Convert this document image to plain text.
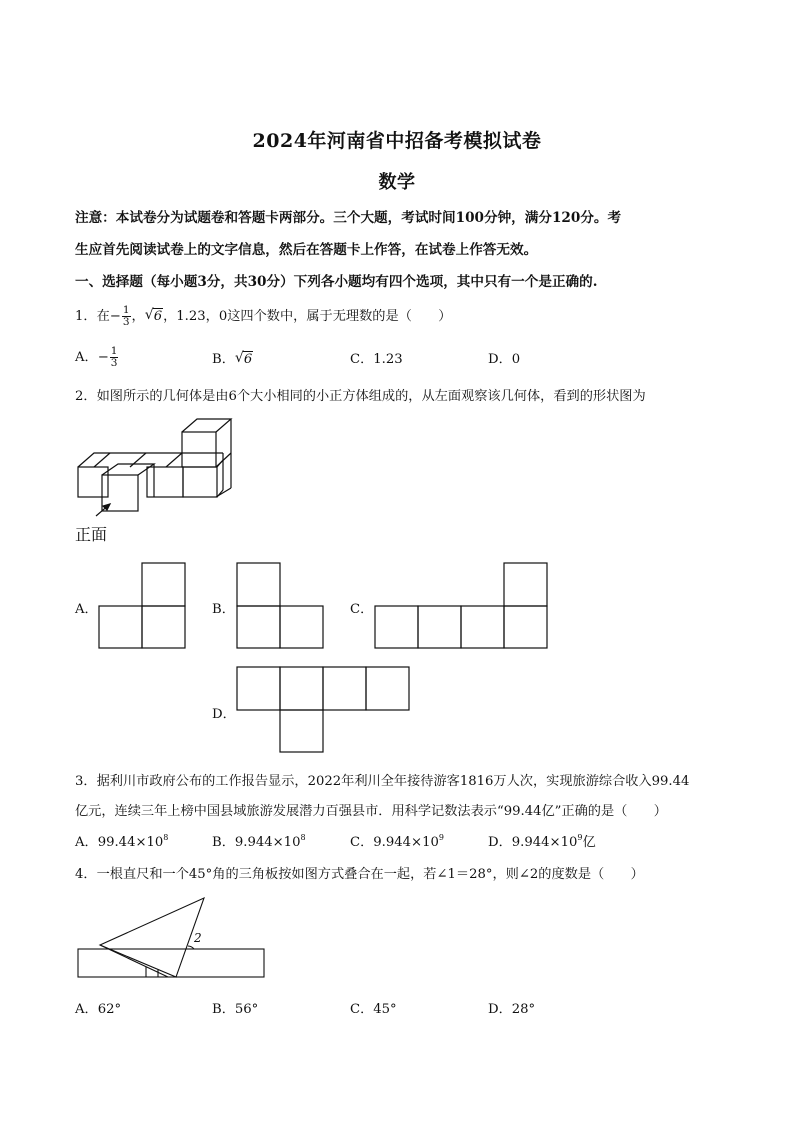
2024年河南省中招备考模拟试卷
数学
注意：本试卷分为试题卷和答题卡两部分。三个大题，考试时间100分钟，满分120分。考
生应首先阅读试卷上的文字信息，然后在答题卡上作答，在试卷上作答无效。
一、选择题（每小题3分，共30分）下列各小题均有四个选项，其中只有一个是正确的.
1．在− $\frac{1}{3}$ ， √ 6，1.23，0这四个数中，属于无理数的是（　　）
A．− $\frac{1}{3}$	B． √ 6	C．1.23	D．0
2．如图所示的几何体是由6个大小相同的小正方体组成的，从左面观察该几何体，看到的形状图为
正面
A．	B．	C．
D．
3．据利川市政府公布的工作报告显示，2022年利川全年接待游客1816万人次，实现旅游综合收入99.44
亿元，连续三年上榜中国县域旅游发展潜力百强县市．用科学记数法表示“99.44亿”正确的是（　　）
A．$99.44\times 10^8$	B．$9.944\times 10^8$	C．$9.944\times 10^9$	D．$9.944\times 10^9$亿
4．一根直尺和一个45°角的三角板按如图方式叠合在一起，若∠1＝28°，则∠2的度数是（　　）
2
A．62°	B．56°	C．45°	D．28°
